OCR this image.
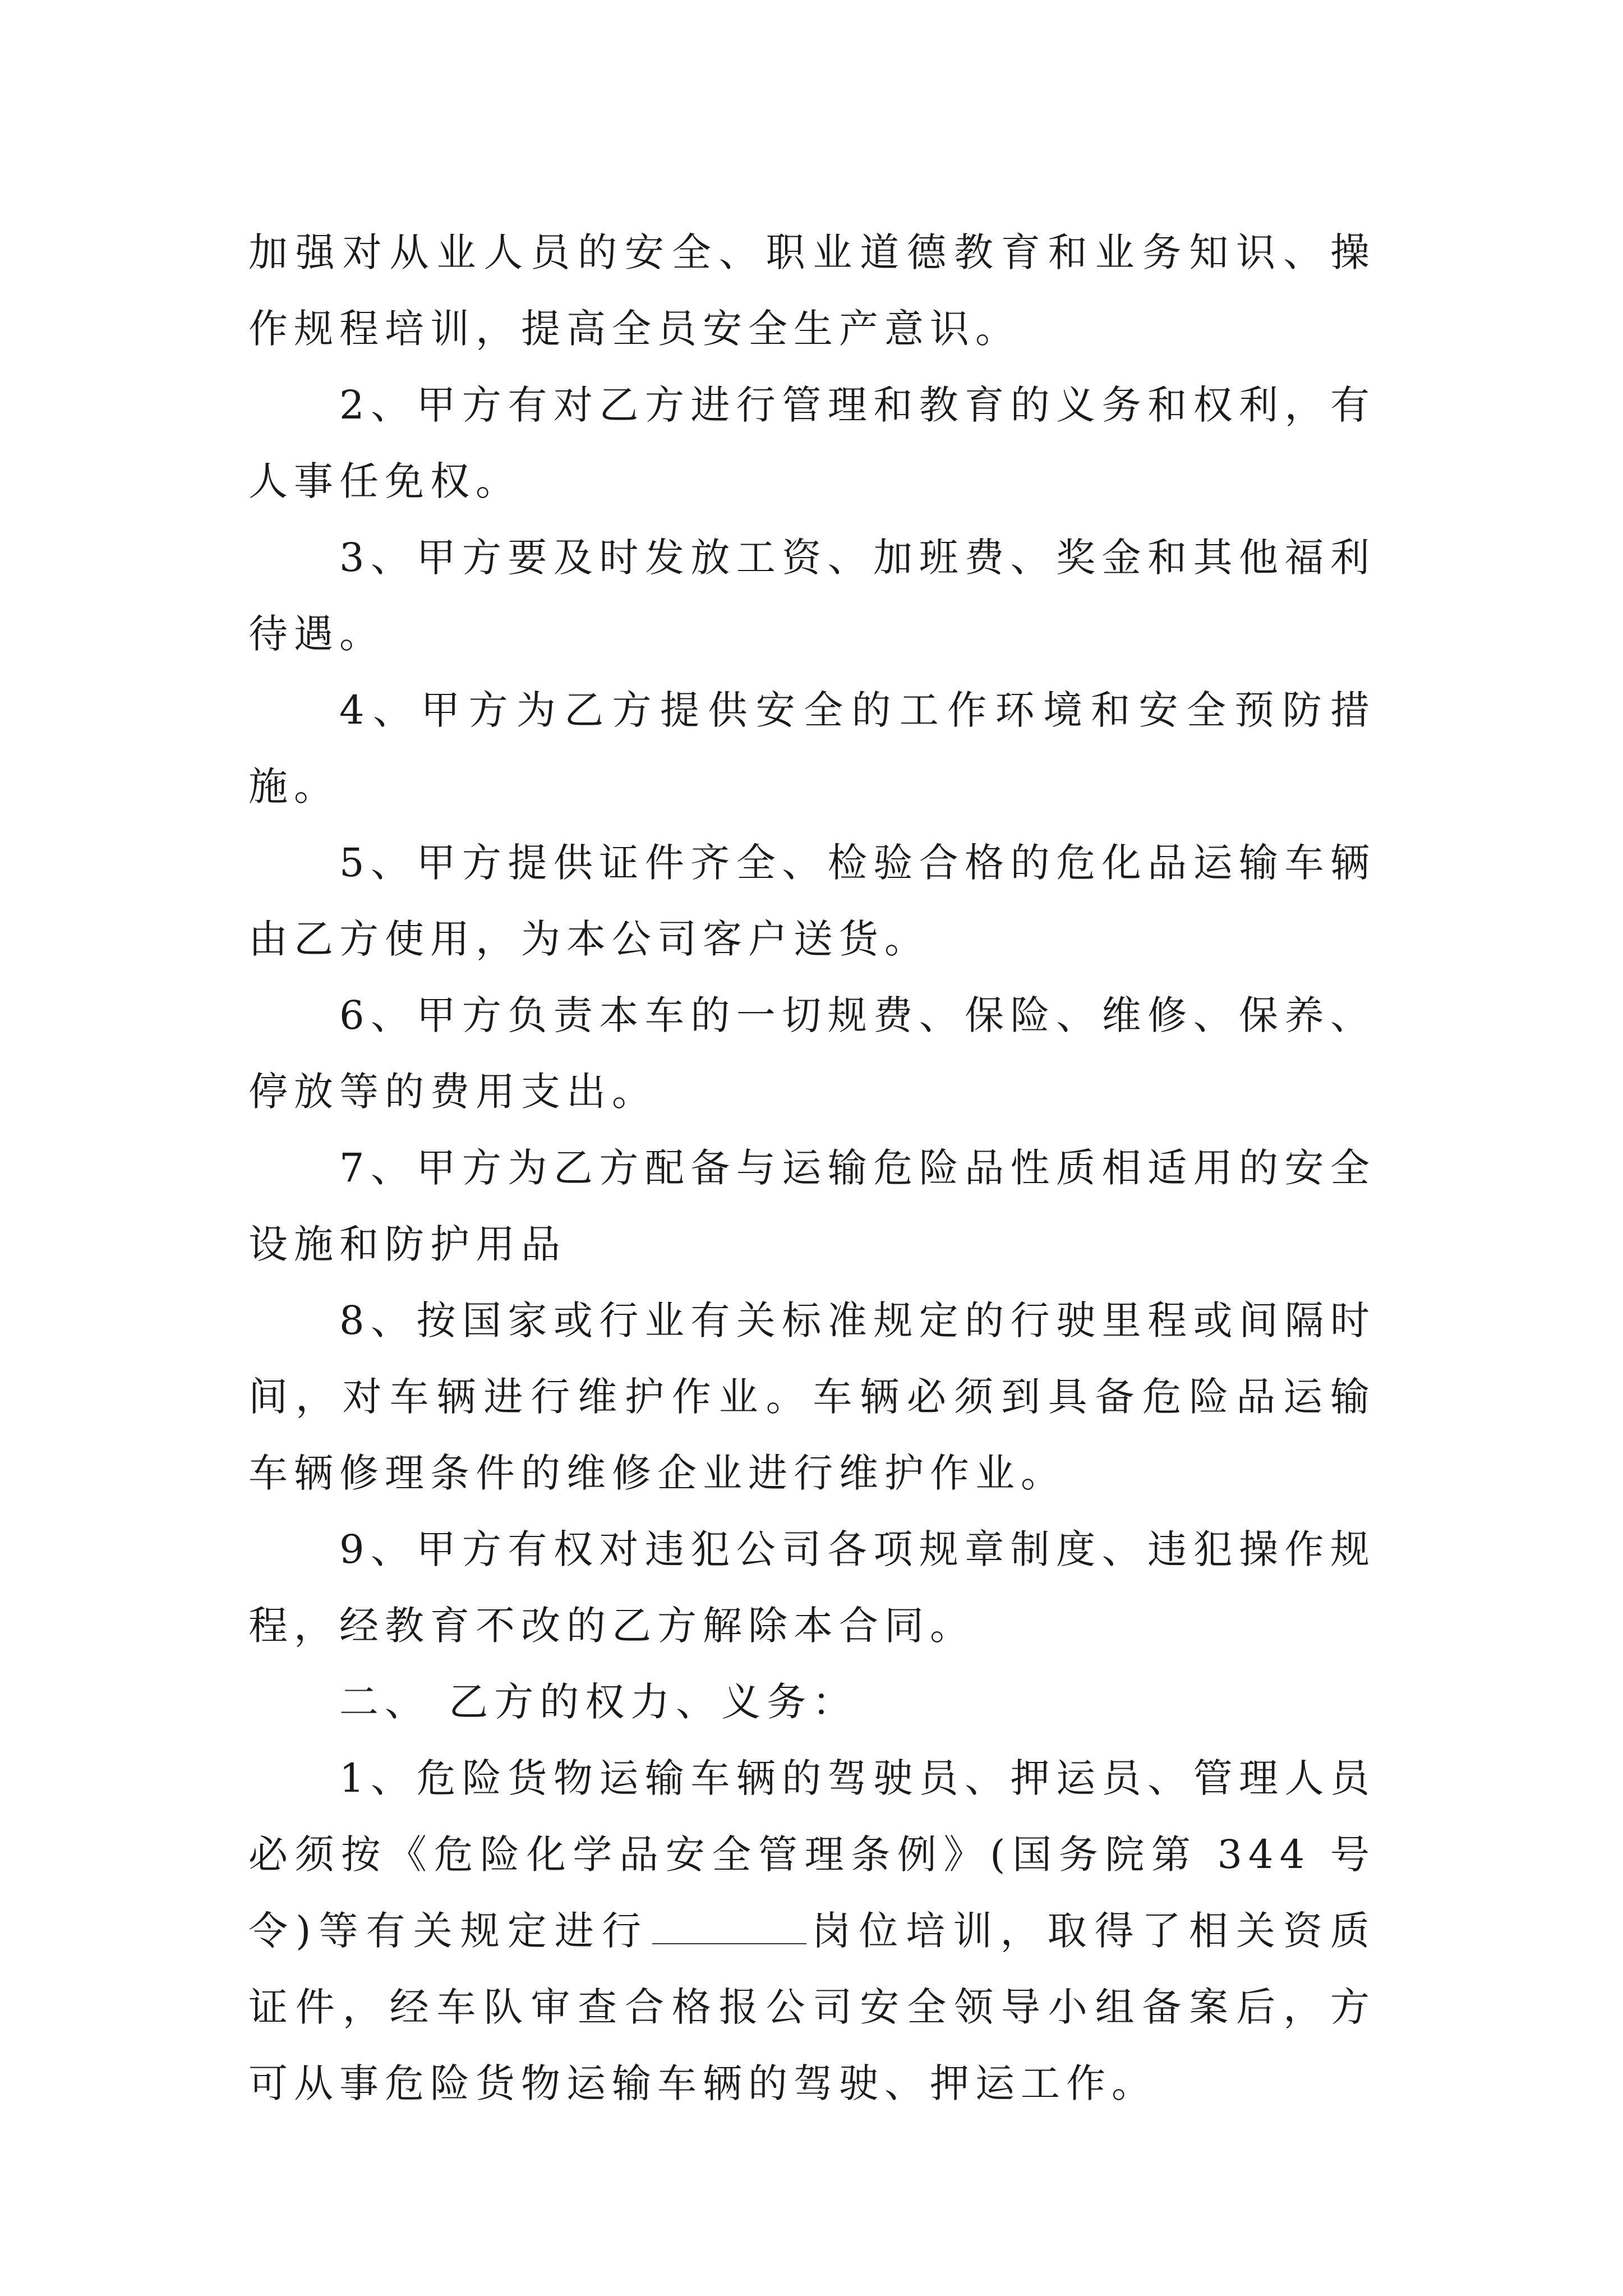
加强对从业人员的安全、职业道德教育和业务知识、操作规程培训，提高全员安全生产意识。

2、甲方有对乙方进行管理和教育的义务和权利，有人事任免权。

3、甲方要及时发放工资、加班费、奖金和其他福利待遇。

4、甲方为乙方提供安全的工作环境和安全预防措施。

5、甲方提供证件齐全、检验合格的危化品运输车辆由乙方使用，为本公司客户送货。

6、甲方负责本车的一切规费、保险、维修、保养、停放等的费用支出。

7、甲方为乙方配备与运输危险品性质相适用的安全设施和防护用品

8、按国家或行业有关标准规定的行驶里程或间隔时间，对车辆进行维护作业。车辆必须到具备危险品运输车辆修理条件的维修企业进行维护作业。

9、甲方有权对违犯公司各项规章制度、违犯操作规程，经教育不改的乙方解除本合同。

二、 乙方的权力、义务：

1、危险货物运输车辆的驾驶员、押运员、管理人员必须按《危险化学品安全管理条例》(国务院第 344 号令)等有关规定进行	岗位培训，取得了相关资质证件，经车队审查合格报公司安全领导小组备案后，方可从事危险货物运输车辆的驾驶、押运工作。
